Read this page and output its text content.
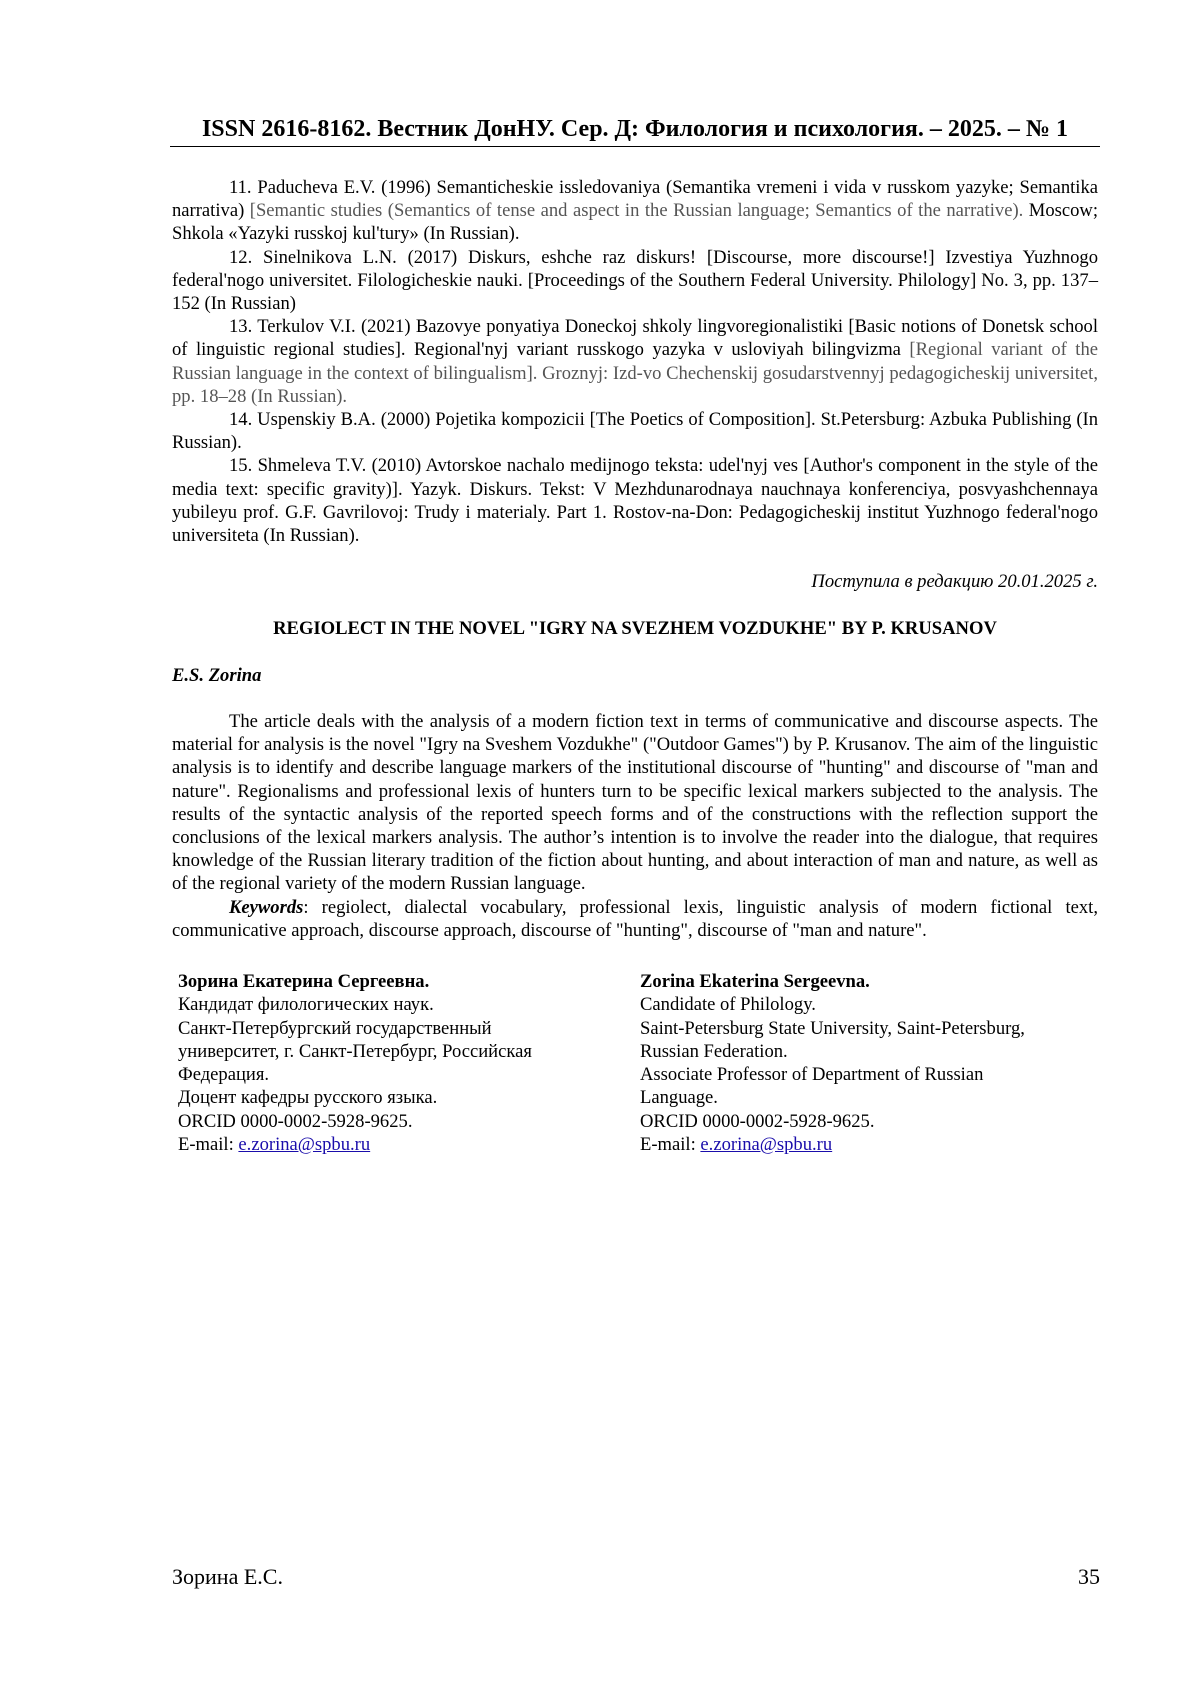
ISSN 2616-8162. Вестник ДонНУ. Сер. Д: Филология и психология. – 2025. – № 1

11. Paducheva E.V. (1996) Semanticheskie issledovaniya (Semantika vremeni i vida v russkom yazyke; Semantika narrativa) [Semantic studies (Semantics of tense and aspect in the Russian language; Semantics of the narrative). Moscow; Shkola «Yazyki russkoj kul'tury» (In Russian).

12. Sinelnikova L.N. (2017) Diskurs, eshche raz diskurs! [Discourse, more discourse!] Izvestiya Yuzhnogo federal'nogo universitet. Filologicheskie nauki. [Proceedings of the Southern Federal University. Philology] No. 3, pp. 137–152 (In Russian)

13. Terkulov V.I. (2021) Bazovye ponyatiya Doneckoj shkoly lingvoregionalistiki [Basic notions of Donetsk school of linguistic regional studies]. Regional'nyj variant russkogo yazyka v usloviyah bilingvizma [Regional variant of the Russian language in the context of bilingualism]. Groznyj: Izd-vo Chechenskij gosudarstvennyj pedagogicheskij universitet, pp. 18–28 (In Russian).

14. Uspenskiy B.A. (2000) Pojetika kompozicii [The Poetics of Composition]. St.Petersburg: Azbuka Publishing (In Russian).

15. Shmeleva T.V. (2010) Avtorskoe nachalo medijnogo teksta: udel'nyj ves [Author's component in the style of the media text: specific gravity)]. Yazyk. Diskurs. Tekst: V Mezhdunarodnaya nauchnaya konferenciya, posvyashchennaya yubileyu prof. G.F. Gavrilovoj: Trudy i materialy. Part 1. Rostov-na-Don: Pedagogicheskij institut Yuzhnogo federal'nogo universiteta (In Russian).

Поступила в редакцию 20.01.2025 г.
REGIOLECT IN THE NOVEL "IGRY NA SVEZHEM VOZDUKHE" BY P. KRUSANOV
E.S. Zorina

The article deals with the analysis of a modern fiction text in terms of communicative and discourse aspects. The material for analysis is the novel "Igry na Sveshem Vozdukhe" ("Outdoor Games") by P. Krusanov. The aim of the linguistic analysis is to identify and describe language markers of the institutional discourse of "hunting" and discourse of "man and nature". Regionalisms and professional lexis of hunters turn to be specific lexical markers subjected to the analysis. The results of the syntactic analysis of the reported speech forms and of the constructions with the reflection support the conclusions of the lexical markers analysis. The author’s intention is to involve the reader into the dialogue, that requires knowledge of the Russian literary tradition of the fiction about hunting, and about interaction of man and nature, as well as of the regional variety of the modern Russian language.

Keywords: regiolect, dialectal vocabulary, professional lexis, linguistic analysis of modern fictional text, communicative approach, discourse approach, discourse of "hunting", discourse of "man and nature".

Зорина Екатерина Сергеевна.
Кандидат филологических наук.
Санкт-Петербургский государственный
университет, г. Санкт-Петербург, Российская
Федерация.
Доцент кафедры русского языка.
ORCID 0000-0002-5928-9625.
E-mail: e.zorina@spbu.ru
Zorina Ekaterina Sergeevna.
Candidate of Philology.
Saint-Petersburg State University, Saint-Petersburg,
Russian Federation.
Associate Professor of Department of Russian
Language.
ORCID 0000-0002-5928-9625.
E-mail: e.zorina@spbu.ru
Зорина Е.С.	35
